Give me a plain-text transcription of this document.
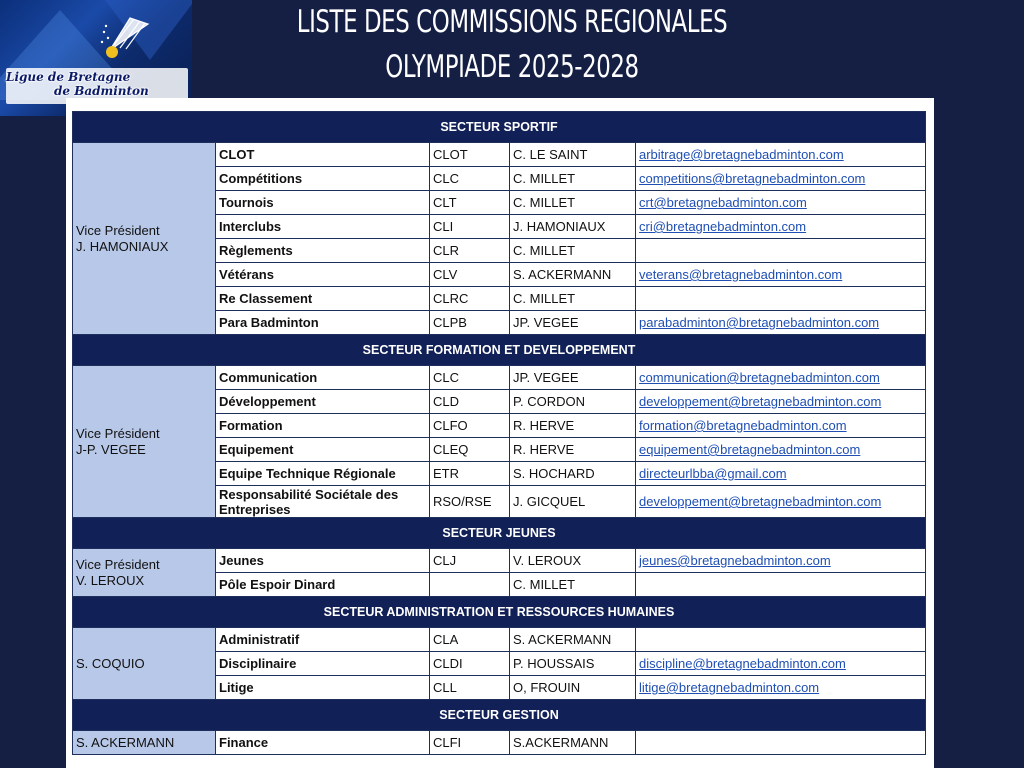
Ligue de Bretagne
de Badminton
LISTE DES COMMISSIONS REGIONALES
OLYMPIADE 2025-2028
SECTEUR SPORTIF				

Vice Président
J. HAMONIAUX	CLOT	CLOT	C. LE SAINT	arbitrage@bretagnebadminton.com
	Compétitions	CLC	C. MILLET	competitions@bretagnebadminton.com
	Tournois	CLT	C. MILLET	crt@bretagnebadminton.com
	Interclubs	CLI	J. HAMONIAUX	cri@bretagnebadminton.com
	Règlements	CLR	C. MILLET	
	Vétérans	CLV	S. ACKERMANN	veterans@bretagnebadminton.com
	Re Classement	CLRC	C. MILLET	
	Para Badminton	CLPB	JP. VEGEE	parabadminton@bretagnebadminton.com
SECTEUR FORMATION ET DEVELOPPEMENT				

Vice Président
J-P. VEGEE	Communication	CLC	JP. VEGEE	communication@bretagnebadminton.com
	Développement	CLD	P. CORDON	developpement@bretagnebadminton.com
	Formation	CLFO	R. HERVE	formation@bretagnebadminton.com
	Equipement	CLEQ	R. HERVE	equipement@bretagnebadminton.com
	Equipe Technique Régionale	ETR	S. HOCHARD	directeurlbba@gmail.com
	Responsabilité Sociétale des Entreprises	RSO/RSE	J. GICQUEL	developpement@bretagnebadminton.com
SECTEUR JEUNES				

Vice Président
V. LEROUX	Jeunes	CLJ	V. LEROUX	jeunes@bretagnebadminton.com
	Pôle Espoir Dinard		C. MILLET	
SECTEUR ADMINISTRATION ET RESSOURCES HUMAINES				

S. COQUIO	Administratif	CLA	S. ACKERMANN	
	Disciplinaire	CLDI	P. HOUSSAIS	discipline@bretagnebadminton.com
	Litige	CLL	O, FROUIN	litige@bretagnebadminton.com
SECTEUR GESTION				

S. ACKERMANN	Finance	CLFI	S.ACKERMANN	
